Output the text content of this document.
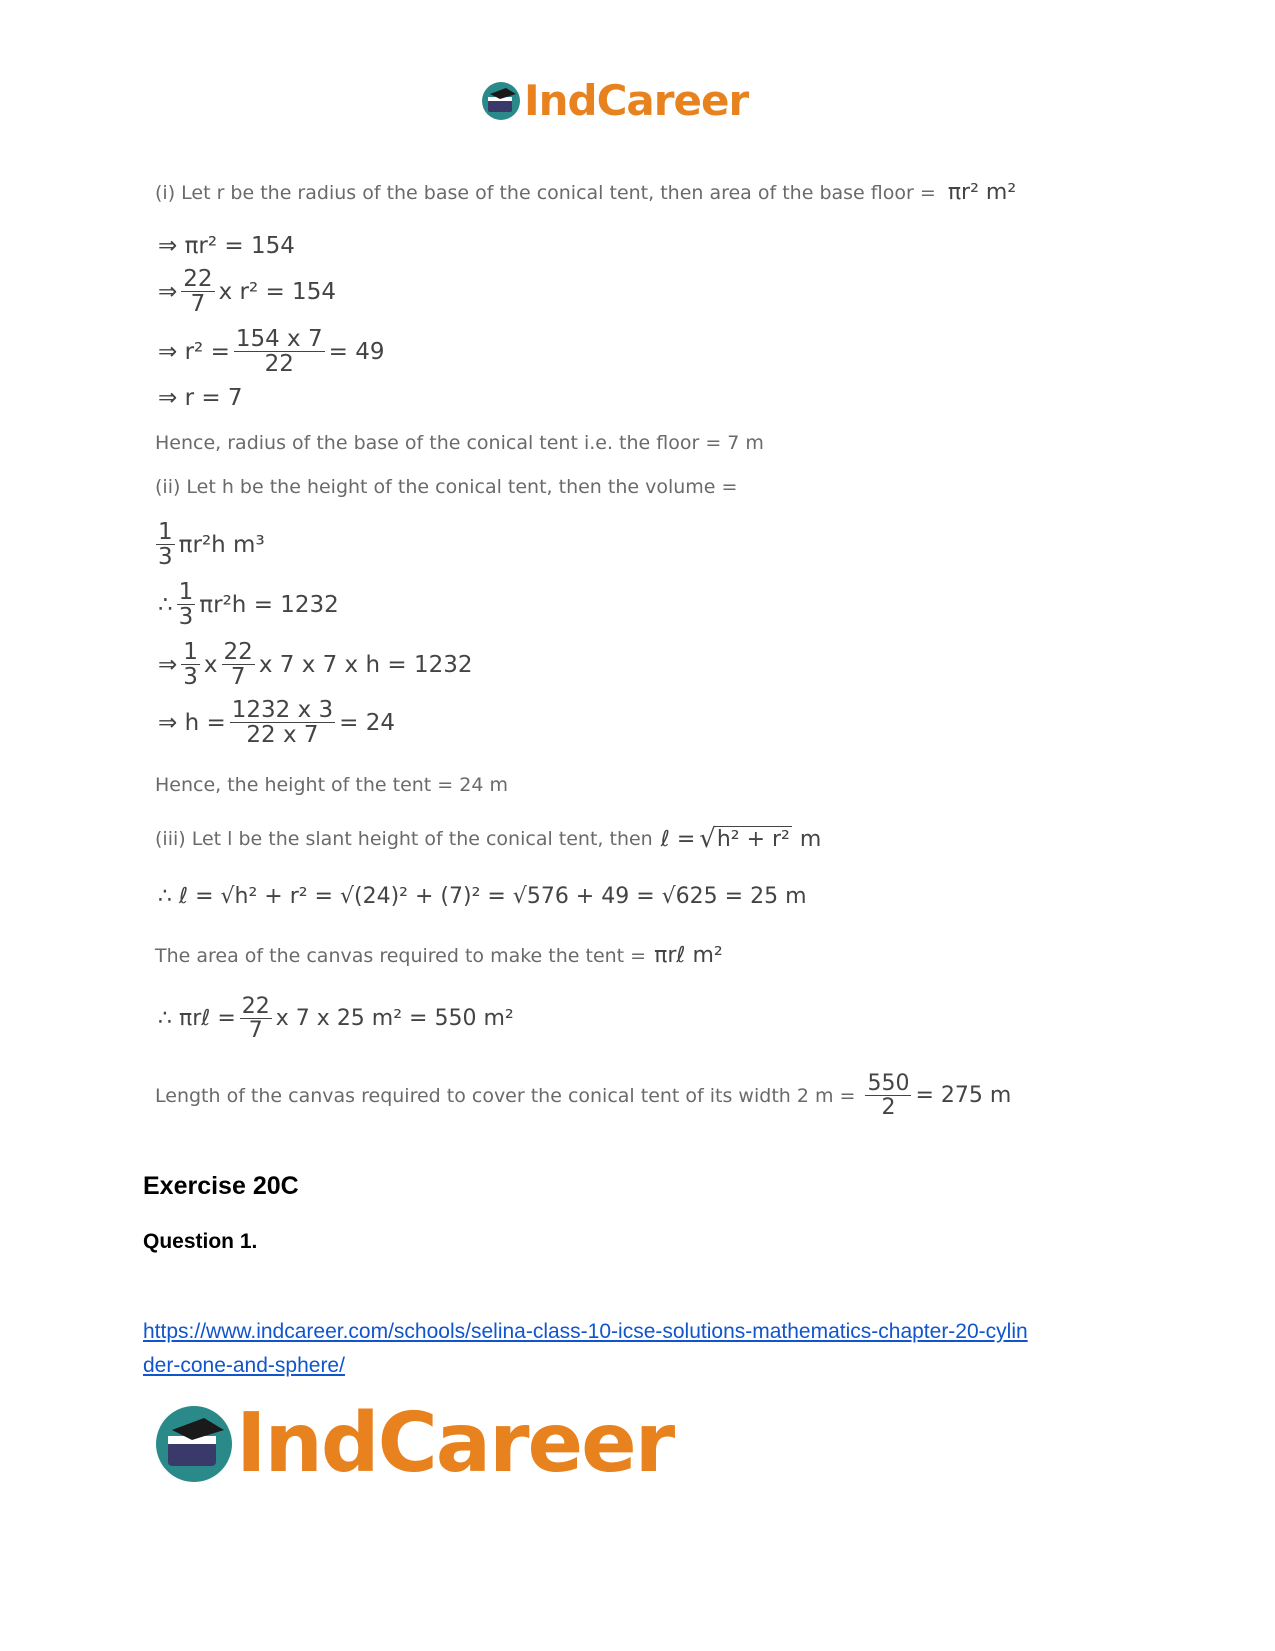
IndCareer
(i) Let r be the radius of the base of the conical tent, then area of the base floor = πr² m²
⇒ πr² = 154
⇒ $\frac{22}{7}$ x r² = 154
⇒ $r^2 = \frac{154 x 7}{22} = 49$
⇒ r = 7
Hence, radius of the base of the conical tent i.e. the floor = 7 m
(ii) Let h be the height of the conical tent, then the volume =
$\frac{1}{3} \pi r^2h$ m³
∴ $\frac{1}{3} \pi r^2h = 1232$
⇒ $\frac{1}{3}$ x $\frac{22}{7}$ x 7 x 7 x h = 1232
⇒ $h = \frac{1232 x 3}{22 x 7} = 24$
Hence, the height of the tent = 24 m
(iii) Let l be the slant height of the conical tent, then ℓ = √ h² + r² m
∴ ℓ = √h² + r² = √(24)² + (7)² = √576 + 49 = √625 = 25 m
The area of the canvas required to make the tent = πrℓ m²
∴ πrℓ = $\frac{22}{7}$ x 7 x 25 m² = 550 m²
Length of the canvas required to cover the conical tent of its width 2 $m = \frac{550}{2} = 275$ m
Exercise 20C
Question 1.
https://www.indcareer.com/schools/selina-class-10-icse-solutions-mathematics-chapter-20-cylin
der-cone-and-sphere/
IndCareer
